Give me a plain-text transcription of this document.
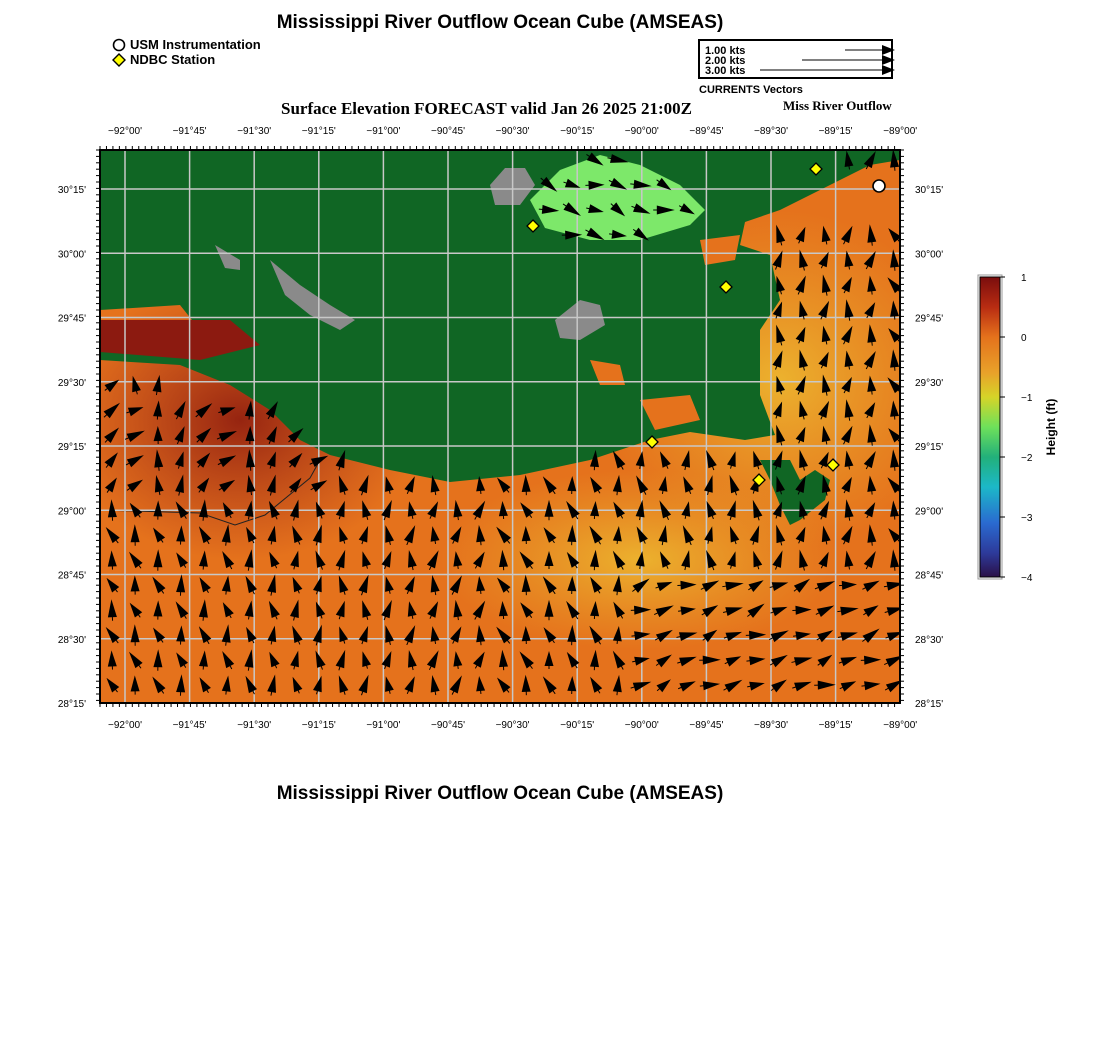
Mississippi River Outflow Ocean Cube (AMSEAS)
USM Instrumentation
NDBC Station
1.00 kts
2.00 kts
3.00 kts
CURRENTS Vectors
Surface Elevation FORECAST valid Jan 26 2025 21:00Z	Miss River Outflow
−92°00'	−91°45'	−91°30'	−91°15'	−91°00'	−90°45'	−90°30'	−90°15'	−90°00'	−89°45'	−89°30'	−89°15'	−89°00'
−92°00'	−91°45'	−91°30'	−91°15'	−91°00'	−90°45'	−90°30'	−90°15'	−90°00'	−89°45'	−89°30'	−89°15'	−89°00'
30°15'
30°00'
29°45'
29°30'
29°15'
29°00'
28°45'
28°30'
28°15'
30°15'
30°00'
29°45'
29°30'
29°15'
29°00'
28°45'
28°30'
28°15'
1
0
−1
−2
−3
−4
Height (ft)
Mississippi River Outflow Ocean Cube (AMSEAS)
